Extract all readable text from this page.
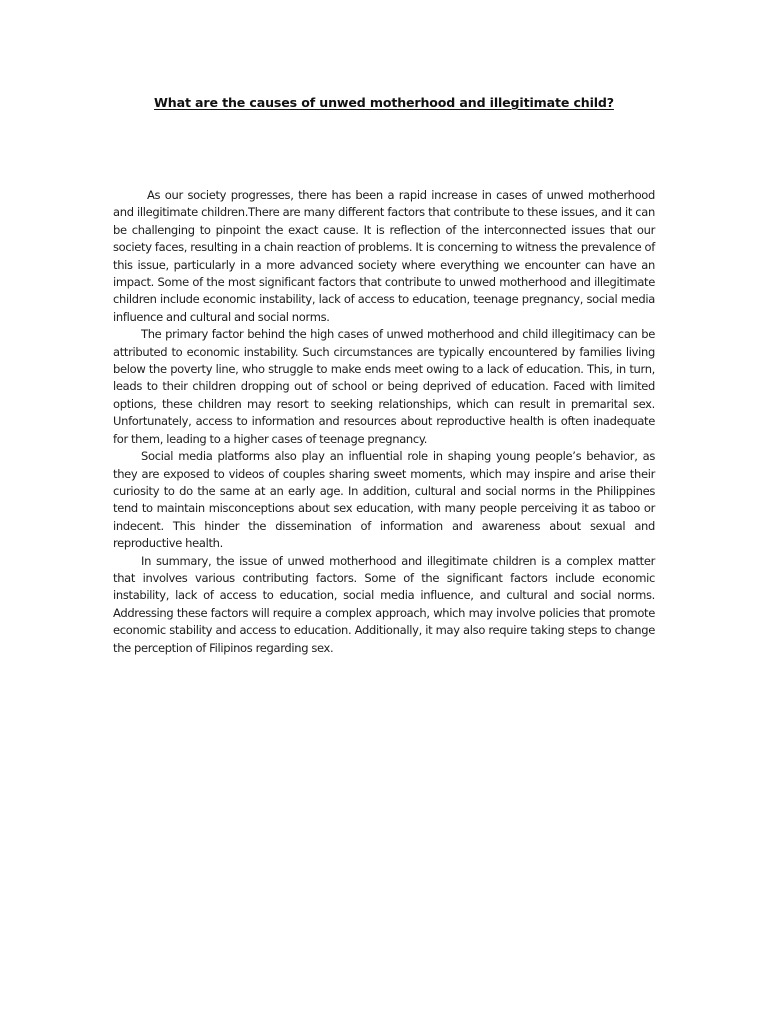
What are the causes of unwed motherhood and illegitimate child?

As our society progresses, there has been a rapid increase in cases of unwed motherhood and illegitimate children.There are many different factors that contribute to these issues, and it can be challenging to pinpoint the exact cause. It is reflection of the interconnected issues that our society faces, resulting in a chain reaction of problems. It is concerning to witness the prevalence of this issue, particularly in a more advanced society where everything we encounter can have an impact. Some of the most significant factors that contribute to unwed motherhood and illegitimate children include economic instability, lack of access to education, teenage pregnancy, social media influence and cultural and social norms.

The primary factor behind the high cases of unwed motherhood and child illegitimacy can be attributed to economic instability. Such circumstances are typically encountered by families living below the poverty line, who struggle to make ends meet owing to a lack of education. This, in turn, leads to their children dropping out of school or being deprived of education. Faced with limited options, these children may resort to seeking relationships, which can result in premarital sex. Unfortunately, access to information and resources about reproductive health is often inadequate for them, leading to a higher cases of teenage pregnancy.

Social media platforms also play an influential role in shaping young people’s behavior, as they are exposed to videos of couples sharing sweet moments, which may inspire and arise their curiosity to do the same at an early age. In addition, cultural and social norms in the Philippines tend to maintain misconceptions about sex education, with many people perceiving it as taboo or indecent. This hinder the dissemination of information and awareness about sexual and reproductive health.

In summary, the issue of unwed motherhood and illegitimate children is a complex matter that involves various contributing factors. Some of the significant factors include economic instability, lack of access to education, social media influence, and cultural and social norms. Addressing these factors will require a complex approach, which may involve policies that promote economic stability and access to education. Additionally, it may also require taking steps to change the perception of Filipinos regarding sex.
